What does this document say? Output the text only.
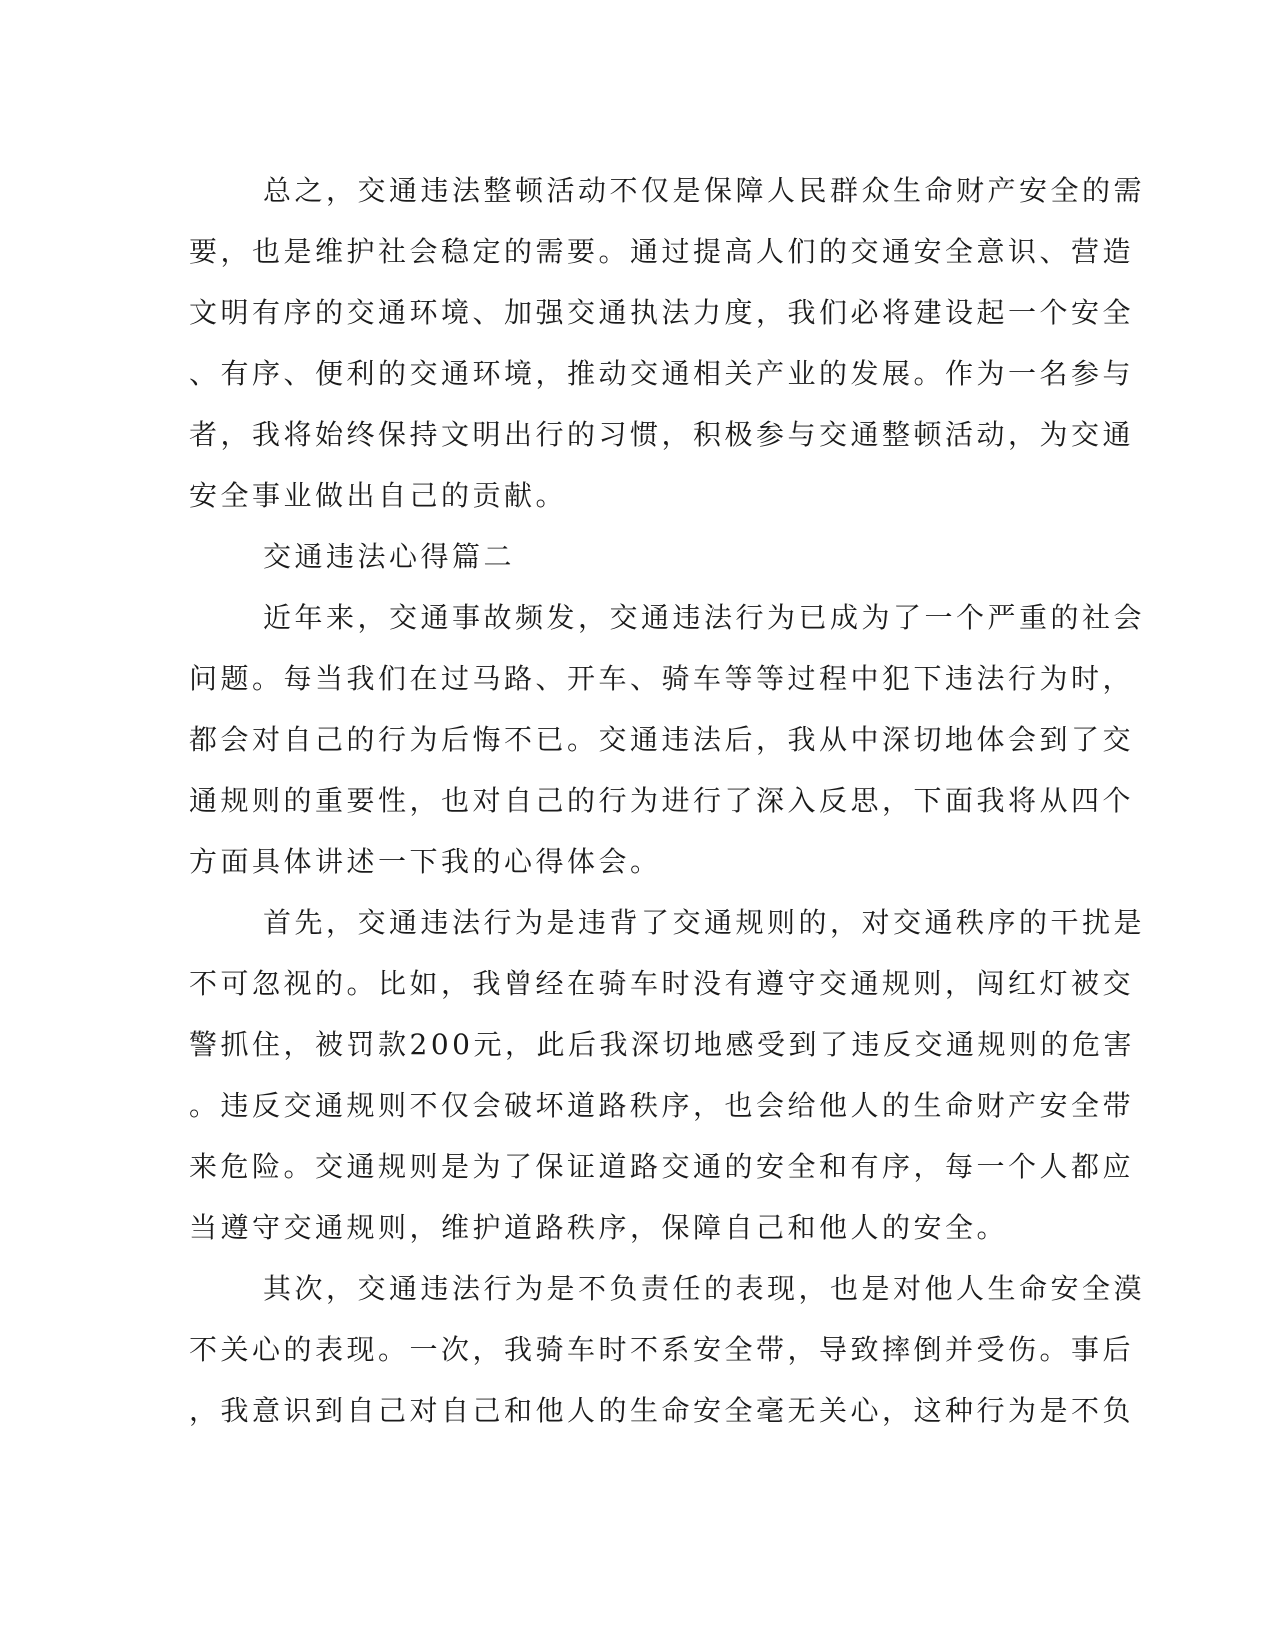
总之，交通违法整顿活动不仅是保障人民群众生命财产安全的需
要，也是维护社会稳定的需要。通过提高人们的交通安全意识、营造
文明有序的交通环境、加强交通执法力度，我们必将建设起一个安全
、有序、便利的交通环境，推动交通相关产业的发展。作为一名参与
者，我将始终保持文明出行的习惯，积极参与交通整顿活动，为交通
安全事业做出自己的贡献。
交通违法心得篇二
近年来，交通事故频发，交通违法行为已成为了一个严重的社会
问题。每当我们在过马路、开车、骑车等等过程中犯下违法行为时，
都会对自己的行为后悔不已。交通违法后，我从中深切地体会到了交
通规则的重要性，也对自己的行为进行了深入反思，下面我将从四个
方面具体讲述一下我的心得体会。
首先，交通违法行为是违背了交通规则的，对交通秩序的干扰是
不可忽视的。比如，我曾经在骑车时没有遵守交通规则，闯红灯被交
警抓住，被罚款200元，此后我深切地感受到了违反交通规则的危害
。违反交通规则不仅会破坏道路秩序，也会给他人的生命财产安全带
来危险。交通规则是为了保证道路交通的安全和有序，每一个人都应
当遵守交通规则，维护道路秩序，保障自己和他人的安全。
其次，交通违法行为是不负责任的表现，也是对他人生命安全漠
不关心的表现。一次，我骑车时不系安全带，导致摔倒并受伤。事后
，我意识到自己对自己和他人的生命安全毫无关心，这种行为是不负
